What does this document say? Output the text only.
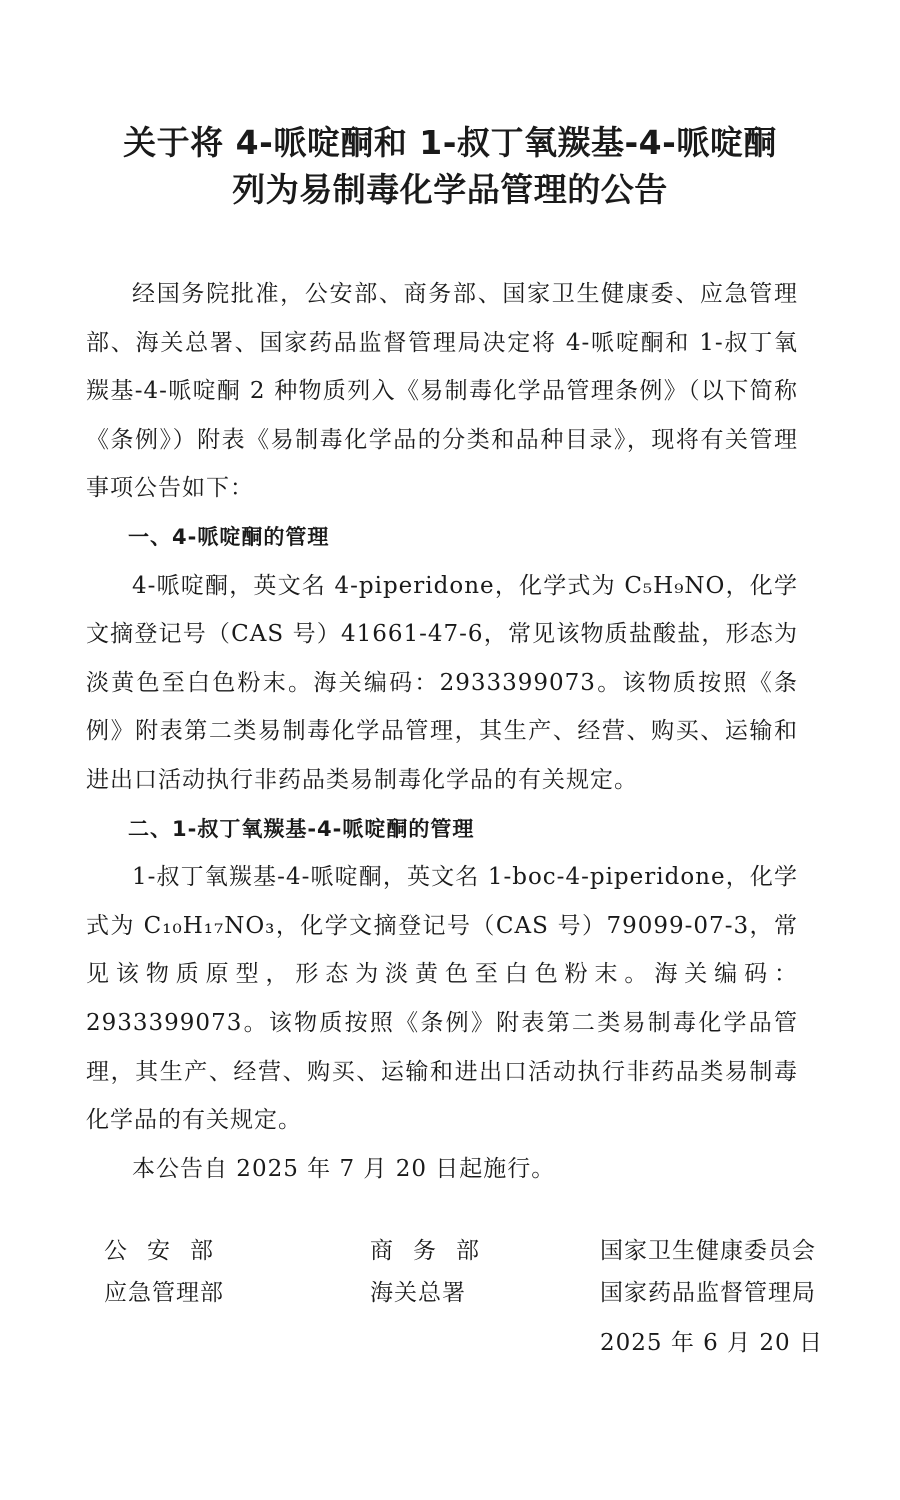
关于将 4-哌啶酮和 1-叔丁氧羰基-4-哌啶酮
列为易制毒化学品管理的公告

经国务院批准，公安部、商务部、国家卫生健康委、应急管理部、海关总署、国家药品监督管理局决定将 4-哌啶酮和 1-叔丁氧羰基-4-哌啶酮 2 种物质列入《易制毒化学品管理条例》（以下简称《条例》）附表《易制毒化学品的分类和品种目录》，现将有关管理事项公告如下：

一、4-哌啶酮的管理

4-哌啶酮，英文名 4-piperidone，化学式为 C₅H₉NO，化学文摘登记号（CAS 号）41661-47-6，常见该物质盐酸盐，形态为淡黄色至白色粉末。海关编码：2933399073。该物质按照《条例》附表第二类易制毒化学品管理，其生产、经营、购买、运输和进出口活动执行非药品类易制毒化学品的有关规定。

二、1-叔丁氧羰基-4-哌啶酮的管理

1-叔丁氧羰基-4-哌啶酮，英文名 1-boc-4-piperidone，化学式为 C₁₀H₁₇NO₃，化学文摘登记号（CAS 号）79099-07-3，常见该物质原型，形态为淡黄色至白色粉末。海关编码：2933399073。该物质按照《条例》附表第二类易制毒化学品管理，其生产、经营、购买、运输和进出口活动执行非药品类易制毒化学品的有关规定。

本公告自 2025 年 7 月 20 日起施行。

公安部
应急管理部
商务部
海关总署
国家卫生健康委员会
国家药品监督管理局
2025 年 6 月 20 日
